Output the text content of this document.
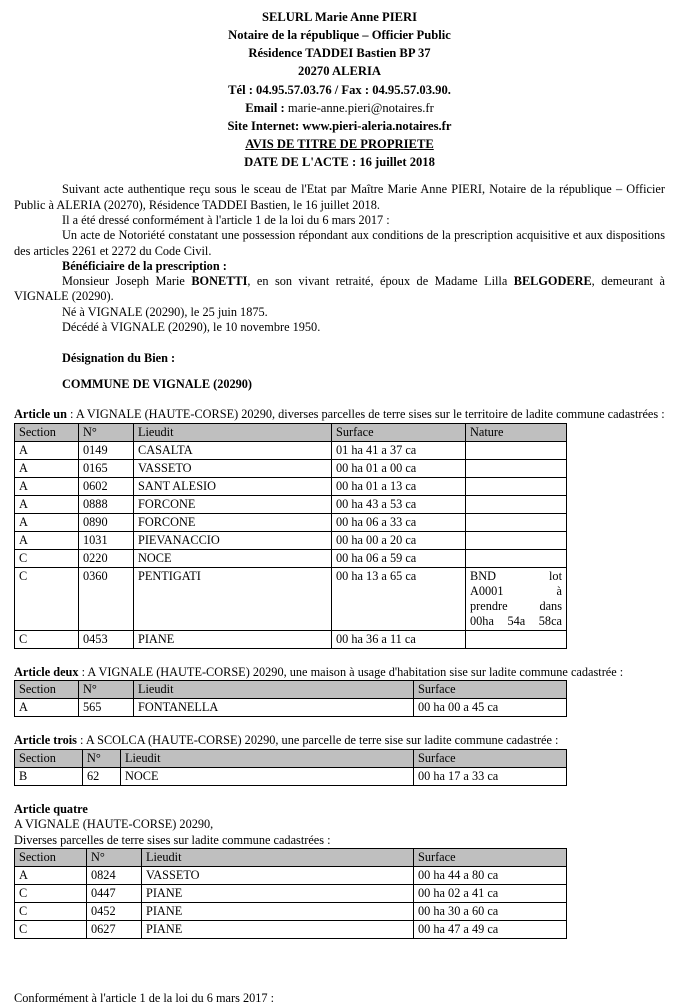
SELURL Marie Anne PIERI
Notaire de la république – Officier Public
Résidence TADDEI Bastien BP 37
20270 ALERIA
Tél : 04.95.57.03.76 / Fax : 04.95.57.03.90.
Email : marie-anne.pieri@notaires.fr
Site Internet: www.pieri-aleria.notaires.fr
AVIS DE TITRE DE PROPRIETE
DATE DE L'ACTE : 16 juillet 2018

Suivant acte authentique reçu sous le sceau de l'Etat par Maître Marie Anne PIERI, Notaire de la république – Officier Public à ALERIA (20270), Résidence TADDEI Bastien, le 16 juillet 2018.

Il a été dressé conformément à l'article 1 de la loi du 6 mars 2017 :

Un acte de Notoriété constatant une possession répondant aux conditions de la prescription acquisitive et aux dispositions des articles 2261 et 2272 du Code Civil.

Bénéficiaire de la prescription :

Monsieur Joseph Marie BONETTI, en son vivant retraité, époux de Madame Lilla BELGODERE, demeurant à VIGNALE (20290).

Né à VIGNALE (20290), le 25 juin 1875.

Décédé à VIGNALE (20290), le 10 novembre 1950.

Désignation du Bien :

COMMUNE DE VIGNALE (20290)

Article un : A VIGNALE (HAUTE-CORSE) 20290, diverses parcelles de terre sises sur le territoire de ladite commune cadastrées :

Section	N°	Lieudit	Surface	Nature
A	0149	CASALTA	01 ha 41 a 37 ca	
A	0165	VASSETO	00 ha 01 a 00 ca	
A	0602	SANT ALESIO	00 ha 01 a 13 ca	
A	0888	FORCONE	00 ha 43 a 53 ca	
A	0890	FORCONE	00 ha 06 a 33 ca	
A	1031	PIEVANACCIO	00 ha 00 a 20 ca	
C	0220	NOCE	00 ha 06 a 59 ca	
C	0360	PENTIGATI	00 ha 13 a 65 ca	BND lot
A0001 à
prendre dans
00ha 54a 58ca

C	0453	PIANE	00 ha 36 a 11 ca	

Article deux : A VIGNALE (HAUTE-CORSE) 20290, une maison à usage d'habitation sise sur ladite commune cadastrée :

Section	N°	Lieudit	Surface
A	565	FONTANELLA	00 ha 00 a 45 ca

Article trois : A SCOLCA (HAUTE-CORSE) 20290, une parcelle de terre sise sur ladite commune cadastrée :

Section	N°	Lieudit	Surface
B	62	NOCE	00 ha 17 a 33 ca

Article quatre

A VIGNALE (HAUTE-CORSE) 20290,

Diverses parcelles de terre sises sur ladite commune cadastrées :

Section	N°	Lieudit	Surface
A	0824	VASSETO	00 ha 44 a 80 ca
C	0447	PIANE	00 ha 02 a 41 ca
C	0452	PIANE	00 ha 30 a 60 ca
C	0627	PIANE	00 ha 47 a 49 ca

Conformément à l'article 1 de la loi du 6 mars 2017 :
